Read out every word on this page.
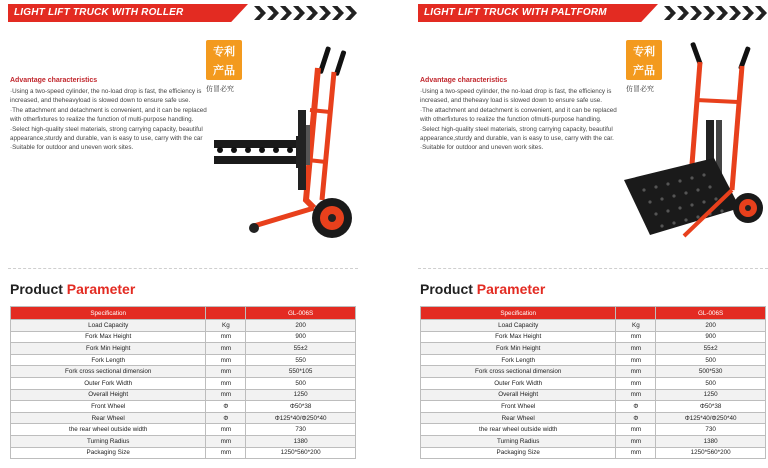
LIGHT LIFT TRUCK WITH ROLLER
专利
产品
仿冒必究
Advantage characteristics

·Using a two-speed cylinder, the no-load drop is fast, the efficiency is increased, and theheavyload is slowed down to ensure safe use.

·The attachment and detachment is convenient, and it can be replaced with otherfixtures to realize the function of multi-purpose handling.

·Select high-quality steel materials, strong carrying capacity, beautiful appearance,sturdy and durable, van is easy to use, carry with the car

·Suitable for outdoor and uneven work sites.

Product Parameter
Specification		GL-006S
Load Capacity	Kg	200
Fork Max Height	mm	900
Fork Min Height	mm	55±2
Fork Length	mm	550
Fork cross sectional dimension	mm	550*105
Outer Fork Width	mm	500
Overall Height	mm	1250
Front Wheel	Φ	Φ50*38
Rear Wheel	Φ	Φ125*40/Φ250*40
the rear wheel outside width	mm	730
Turning Radius	mm	1380
Packaging Size	mm	1250*560*200
LIGHT LIFT TRUCK WITH PALTFORM
专利
产品
仿冒必究
Advantage characteristics

·Using a two-speed cylinder, the no-load drop is fast, the efficiency is increased, and theheavy load is slowed down to ensure safe use.

·The attachment and detachment is convenient, and it can be replaced with otherfixtures to realize the function ofmulti-purpose handling.

·Select high-quality steel materials, strong carrying capacity, beautiful appearance,sturdy and durable, van is easy to use, carry with the car.

·Suitable for outdoor and uneven work sites.

Product Parameter
Specification		GL-006S
Load Capacity	Kg	200
Fork Max Height	mm	900
Fork Min Height	mm	55±2
Fork Length	mm	500
Fork cross sectional dimension	mm	500*530
Outer Fork Width	mm	500
Overall Height	mm	1250
Front Wheel	Φ	Φ50*38
Rear Wheel	Φ	Φ125*40/Φ250*40
the rear wheel outside width	mm	730
Turning Radius	mm	1380
Packaging Size	mm	1250*560*200
